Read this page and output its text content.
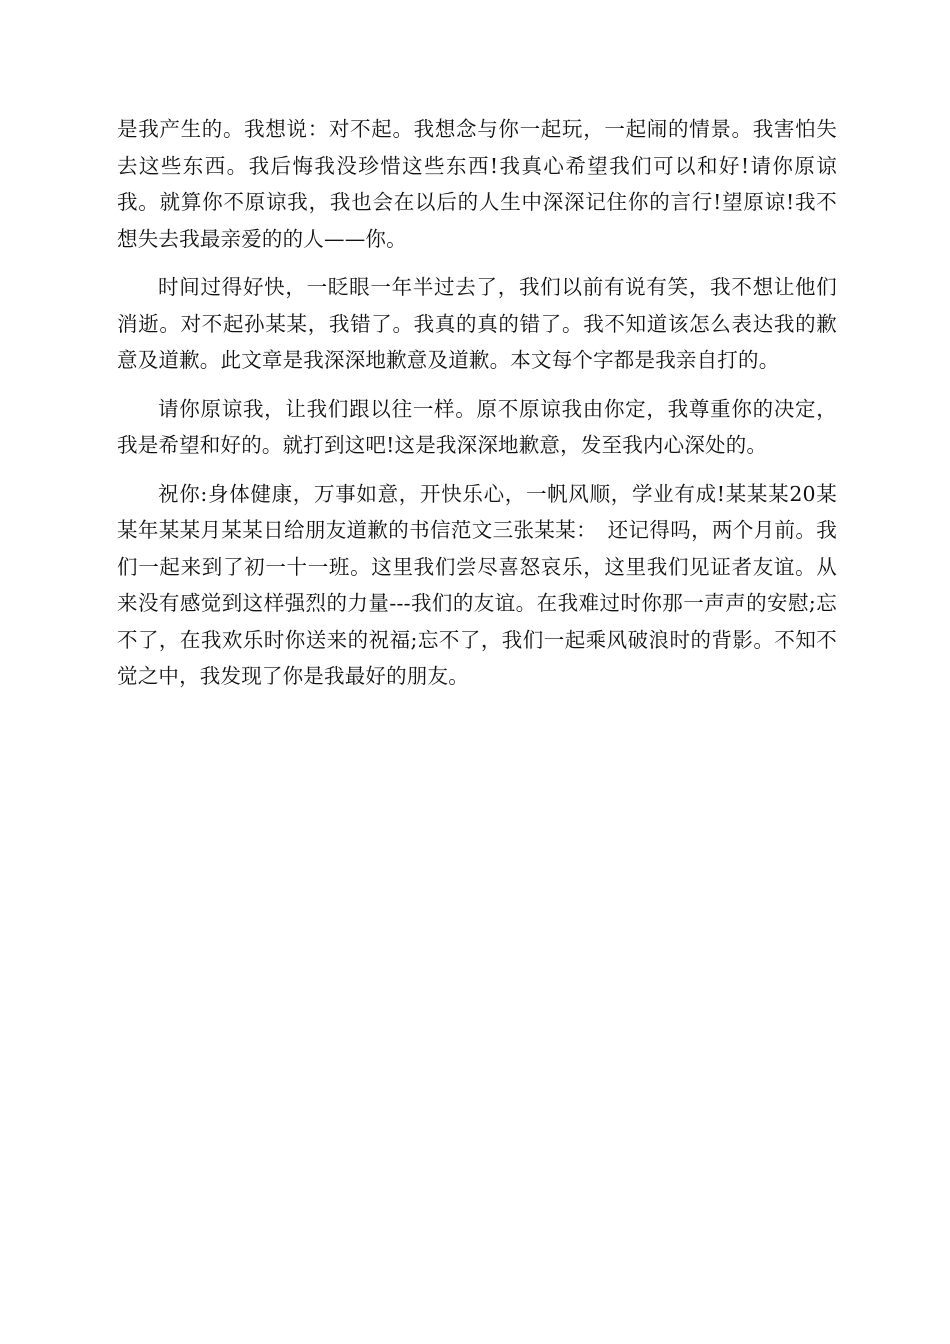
是我产生的。我想说：对不起。我想念与你一起玩，一起闹的情景。我害怕失去这些东西。我后悔我没珍惜这些东西!我真心希望我们可以和好!请你原谅我。就算你不原谅我，我也会在以后的人生中深深记住你的言行!望原谅!我不想失去我最亲爱的的人——你。

时间过得好快，一眨眼一年半过去了，我们以前有说有笑，我不想让他们消逝。对不起孙某某，我错了。我真的真的错了。我不知道该怎么表达我的歉意及道歉。此文章是我深深地歉意及道歉。本文每个字都是我亲自打的。

请你原谅我，让我们跟以往一样。原不原谅我由你定，我尊重你的决定，我是希望和好的。就打到这吧!这是我深深地歉意，发至我内心深处的。

祝你:身体健康，万事如意，开快乐心，一帆风顺，学业有成!某某某20某某年某某月某某日给朋友道歉的书信范文三张某某：　还记得吗，两个月前。我们一起来到了初一十一班。这里我们尝尽喜怒哀乐，这里我们见证者友谊。从来没有感觉到这样强烈的力量---我们的友谊。在我难过时你那一声声的安慰;忘不了，在我欢乐时你送来的祝福;忘不了，我们一起乘风破浪时的背影。不知不觉之中，我发现了你是我最好的朋友。
